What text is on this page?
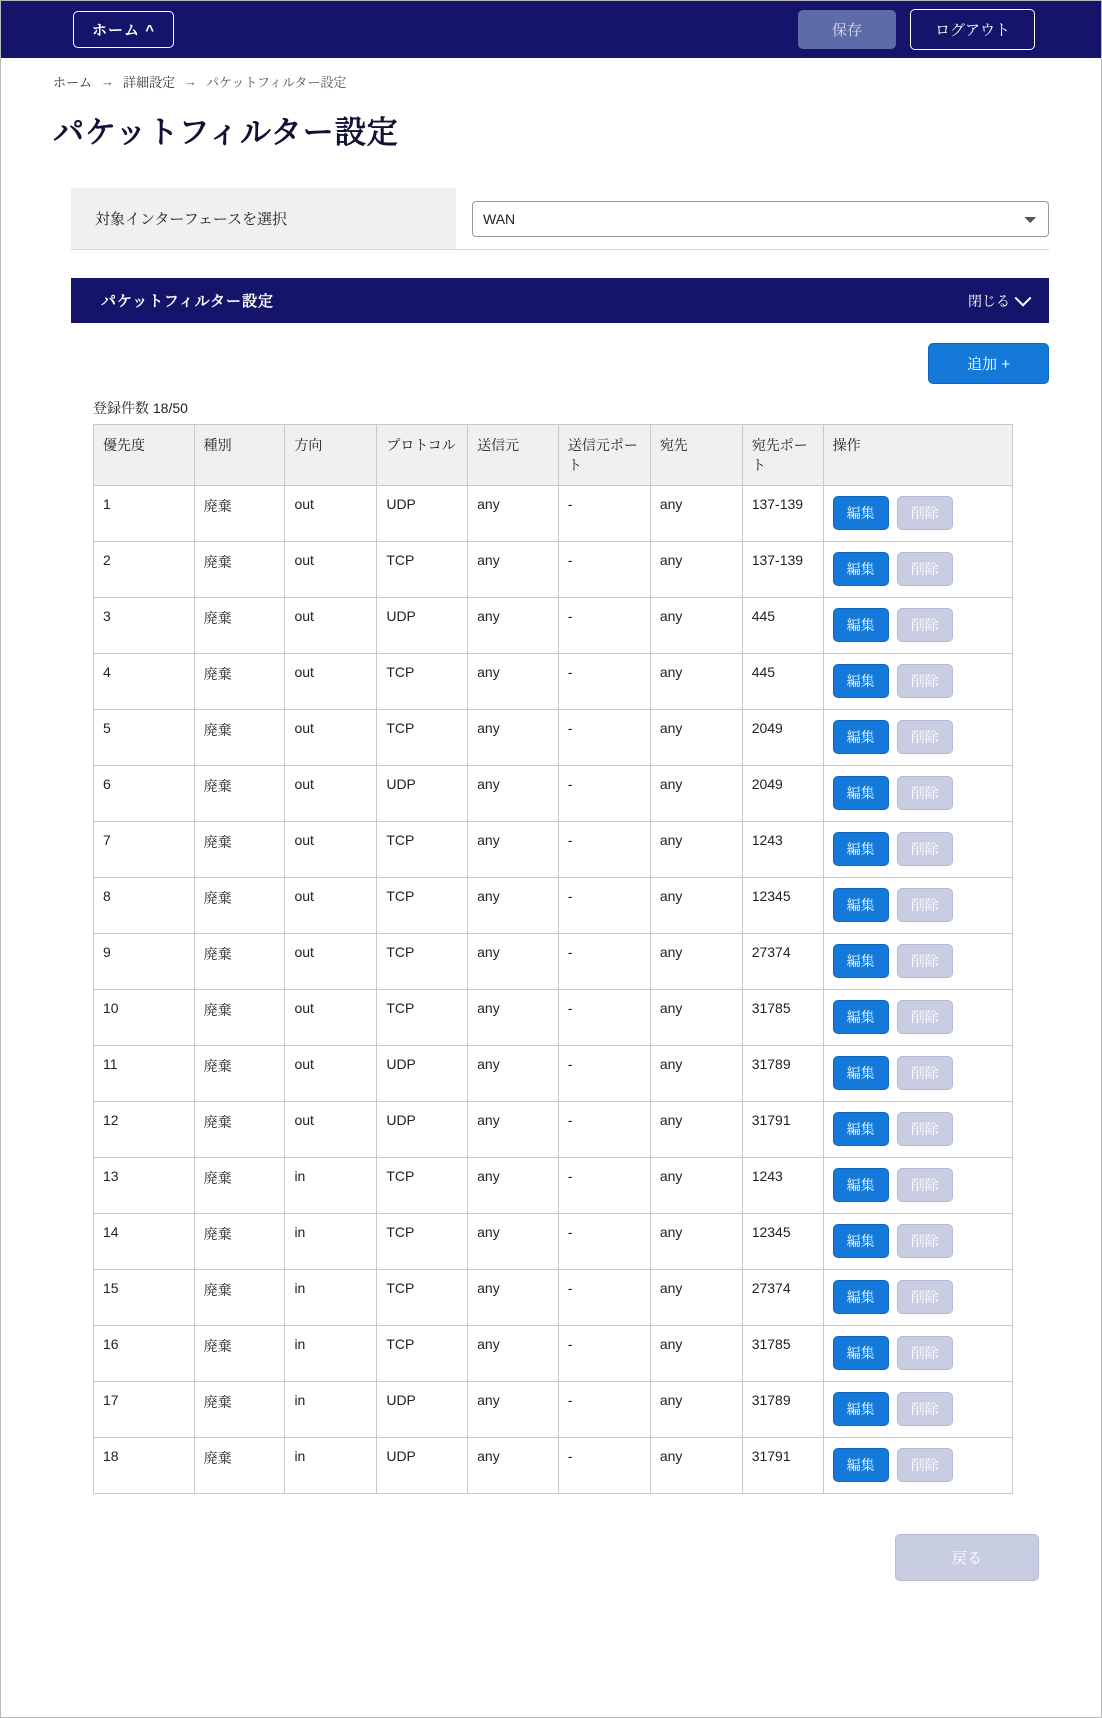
ホーム ^	保存	ログアウト
ホーム → 詳細設定 → パケットフィルター設定
パケットフィルター設定
対象インターフェースを選択
WAN
パケットフィルター設定	閉じる
追加 +
登録件数 18/50
優先度	種別	方向	プロトコル	送信元	送信元ポート	宛先	宛先ポート	操作
1	廃棄	out	UDP	any	-	any	137-139	編集 削除
2	廃棄	out	TCP	any	-	any	137-139	編集 削除
3	廃棄	out	UDP	any	-	any	445	編集 削除
4	廃棄	out	TCP	any	-	any	445	編集 削除
5	廃棄	out	TCP	any	-	any	2049	編集 削除
6	廃棄	out	UDP	any	-	any	2049	編集 削除
7	廃棄	out	TCP	any	-	any	1243	編集 削除
8	廃棄	out	TCP	any	-	any	12345	編集 削除
9	廃棄	out	TCP	any	-	any	27374	編集 削除
10	廃棄	out	TCP	any	-	any	31785	編集 削除
11	廃棄	out	UDP	any	-	any	31789	編集 削除
12	廃棄	out	UDP	any	-	any	31791	編集 削除
13	廃棄	in	TCP	any	-	any	1243	編集 削除
14	廃棄	in	TCP	any	-	any	12345	編集 削除
15	廃棄	in	TCP	any	-	any	27374	編集 削除
16	廃棄	in	TCP	any	-	any	31785	編集 削除
17	廃棄	in	UDP	any	-	any	31789	編集 削除
18	廃棄	in	UDP	any	-	any	31791	編集 削除
戻る
